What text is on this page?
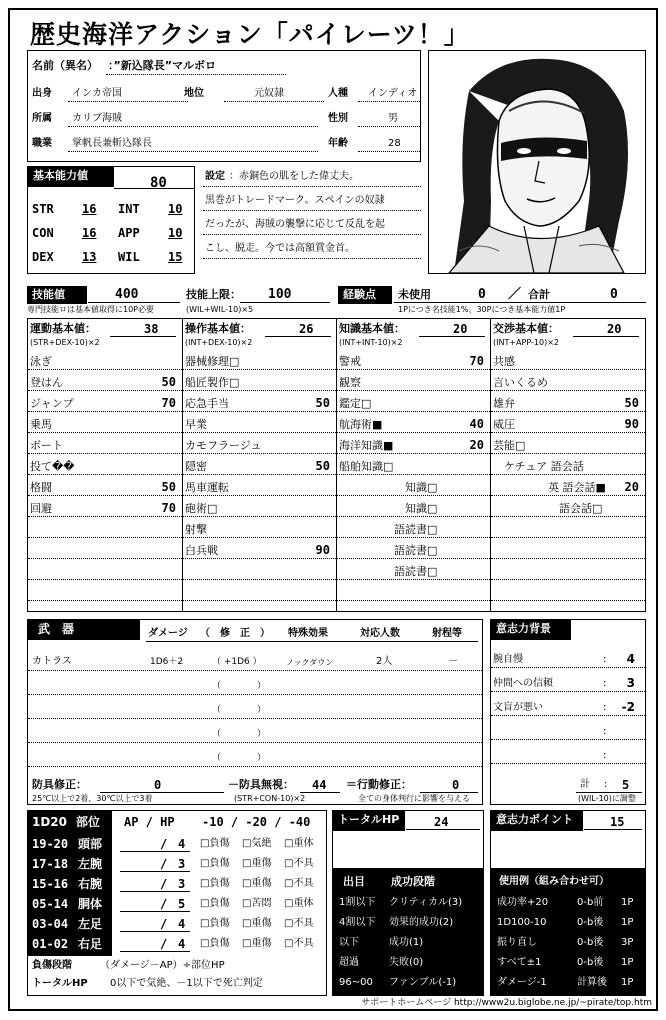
歴史海洋アクション「パイレーツ！」
名前（異名） ：”新込隊長”マルボロ
出身 インカ帝国	地位	元奴隷	人種 インディオ
所属 カリブ海賊	性別	男
職業 掌帆長兼斬込隊長	年齢	28
基本能力値	80
STR 16 INT 10
CON 16 APP 10
DEX 13 WIL 15
設定 ：赤銅色の肌をした偉丈夫。
黒巻がトレードマーク。スペインの奴隷
だったが、海賊の襲撃に応じて反乱を起
こし、脱走。今では高額賞金首。
技能値	400
専門技能ロは基本値取得に10P必要
技能上限： 100
(WIL+WIL-10)×5
経験点	未使用	0 ／ 合計	0
1Pにつき名技能1%、30Pにつき基本能力値1P
運動基本値：	38
(STR+DEX-10)×2
泳ぎ
登はん	50
ジャンプ	70
乗馬
ボート
投て��
格闘	50
回避	70
操作基本値：	26
(INT+DEX-10)×2
器械修理□
船匠製作□
応急手当	50
早業
カモフラージュ
隠密	50
馬車運転
砲術□
射撃
白兵戦	90
知識基本値：	20
(INT+INT-10)×2
警戒	70
観察
鑑定□
航海術■	40
海洋知識■	20
船舶知識□
　　　　　　知識□
　　　　　　知識□
　　　　　語読書□
　　　　　語読書□
　　　　　語読書□
交渉基本値：	20
(INT+APP-10)×2
共感
言いくるめ
雄弁	50
威圧	90
芸能□
　ケチュア 語会話
　　　　　英 語会話■ 20
　　　　　　語会話□
武　器	ダメージ （　修　正　） 特殊効果	対応人数	射程等
カトラス	1D6＋2	（ +1D6 ）	ノックダウン	2人	－
（　　　　）
（　　　　）
（　　　　）
（　　　　）
防具修正：	0
25℃以上で2着、30℃以上で3着
－防具無視： 44
(STR+CON-10)×2
＝行動修正：	0
全ての身体判行に影響を与える
意志力背景
腕自慢	: 4
仲間への信頼	: 3
文盲が悪い	: -2
:
:
計 : 5
(WIL-10)に調整
1D20 部位 AP / HP -10 / -20 / -40
19-20 頭部	/ 4 □負傷 □気絶 □重体
17-18 左腕	/ 3 □負傷 □重傷 □不具
15-16 右腕	/ 3 □負傷 □重傷 □不具
05-14 胴体	/ 5 □負傷 □苦悶 □重体
03-04 左足	/ 4 □負傷 □重傷 □不具
01-02 右足	/ 4 □負傷 □重傷 □不具
負傷段階	（ダメージ－AP）÷部位HP
トータルHP 0以下で気絶、－1以下で死亡判定
トータルHP	24
出目 成功段階
1割以下 クリティカル(3)
4割以下 効果的成功(2)
以下	成功(1)
超過	失敗(0)
96~00 ファンブル(-1)
意志力ポイント	15
使用例（組み合わせ可）
成功率+20	0-b前 1P
1D100-10	0-b後 1P
振り直し	0-b後 3P
すべて±1	0-b後 1P
ダメージ-1	計算後 1P
サポートホームページ http://www2u.biglobe.ne.jp/~pirate/top.htm
